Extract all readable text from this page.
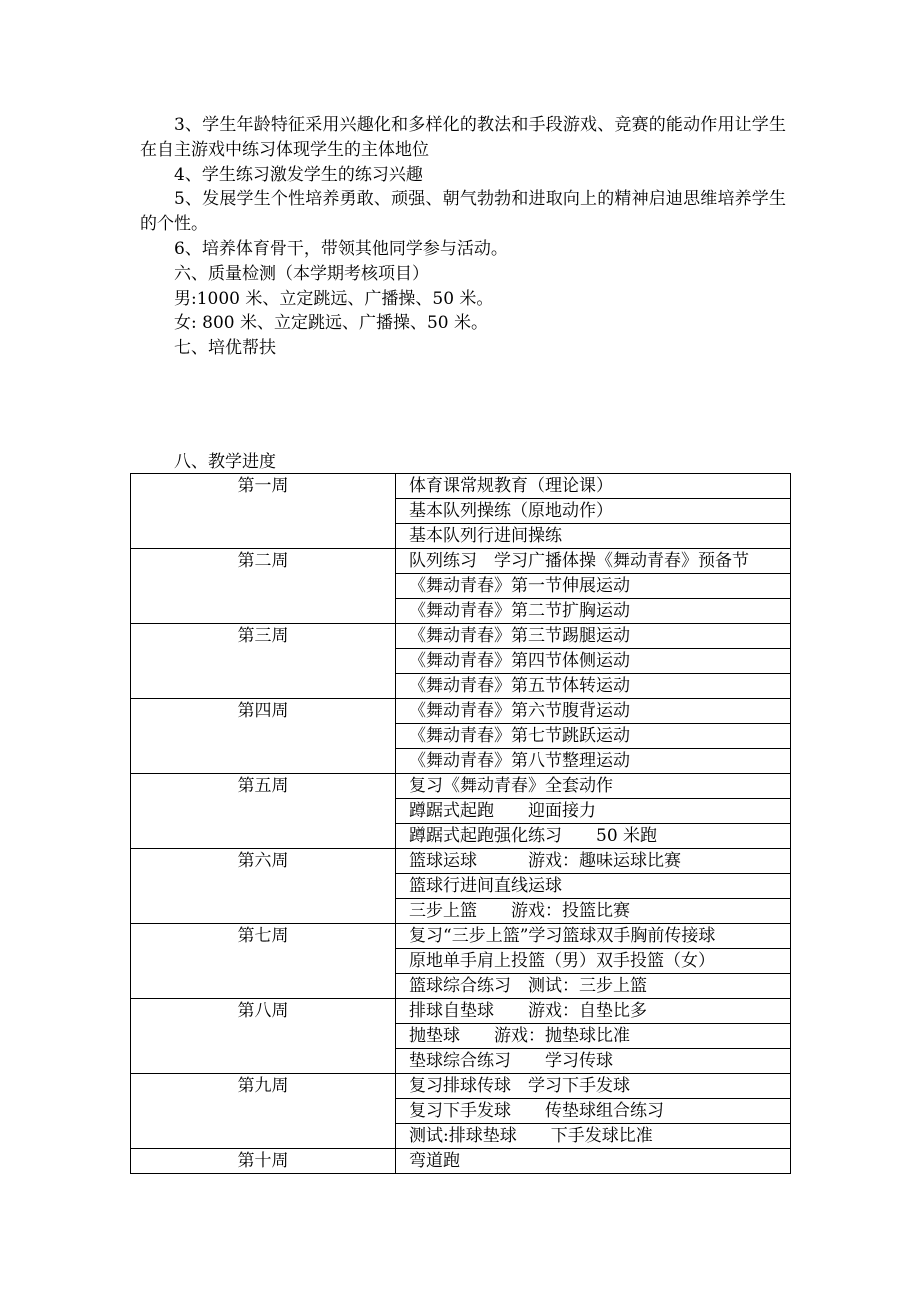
3、学生年龄特征采用兴趣化和多样化的教法和手段游戏、竞赛的能动作用让学生在自主游戏中练习体现学生的主体地位

4、学生练习激发学生的练习兴趣

5、发展学生个性培养勇敢、顽强、朝气勃勃和进取向上的精神启迪思维培养学生的个性。

6、培养体育骨干，带领其他同学参与活动。

六、质量检测（本学期考核项目）

男:1000 米、立定跳远、广播操、50 米。

女: 800 米、立定跳远、广播操、50 米。

七、培优帮扶

八、教学进度

第一周	体育课常规教育（理论课）
	基本队列操练（原地动作）
	基本队列行进间操练
第二周	队列练习　学习广播体操《舞动青春》预备节
	《舞动青春》第一节伸展运动
	《舞动青春》第二节扩胸运动
第三周	《舞动青春》第三节踢腿运动
	《舞动青春》第四节体侧运动
	《舞动青春》第五节体转运动
第四周	《舞动青春》第六节腹背运动
	《舞动青春》第七节跳跃运动
	《舞动青春》第八节整理运动
第五周	复习《舞动青春》全套动作
	蹲踞式起跑　　迎面接力
	蹲踞式起跑强化练习　　50 米跑
第六周	篮球运球　　　游戏：趣味运球比赛
	篮球行进间直线运球
	三步上篮　　游戏：投篮比赛
第七周	复习“三步上篮”学习篮球双手胸前传接球
	原地单手肩上投篮（男）双手投篮（女）
	篮球综合练习　测试：三步上篮
第八周	排球自垫球　　游戏：自垫比多
	抛垫球　　游戏：抛垫球比准
	垫球综合练习　　学习传球
第九周	复习排球传球　学习下手发球
	复习下手发球　　传垫球组合练习
	测试:排球垫球　　下手发球比准
第十周	弯道跑
